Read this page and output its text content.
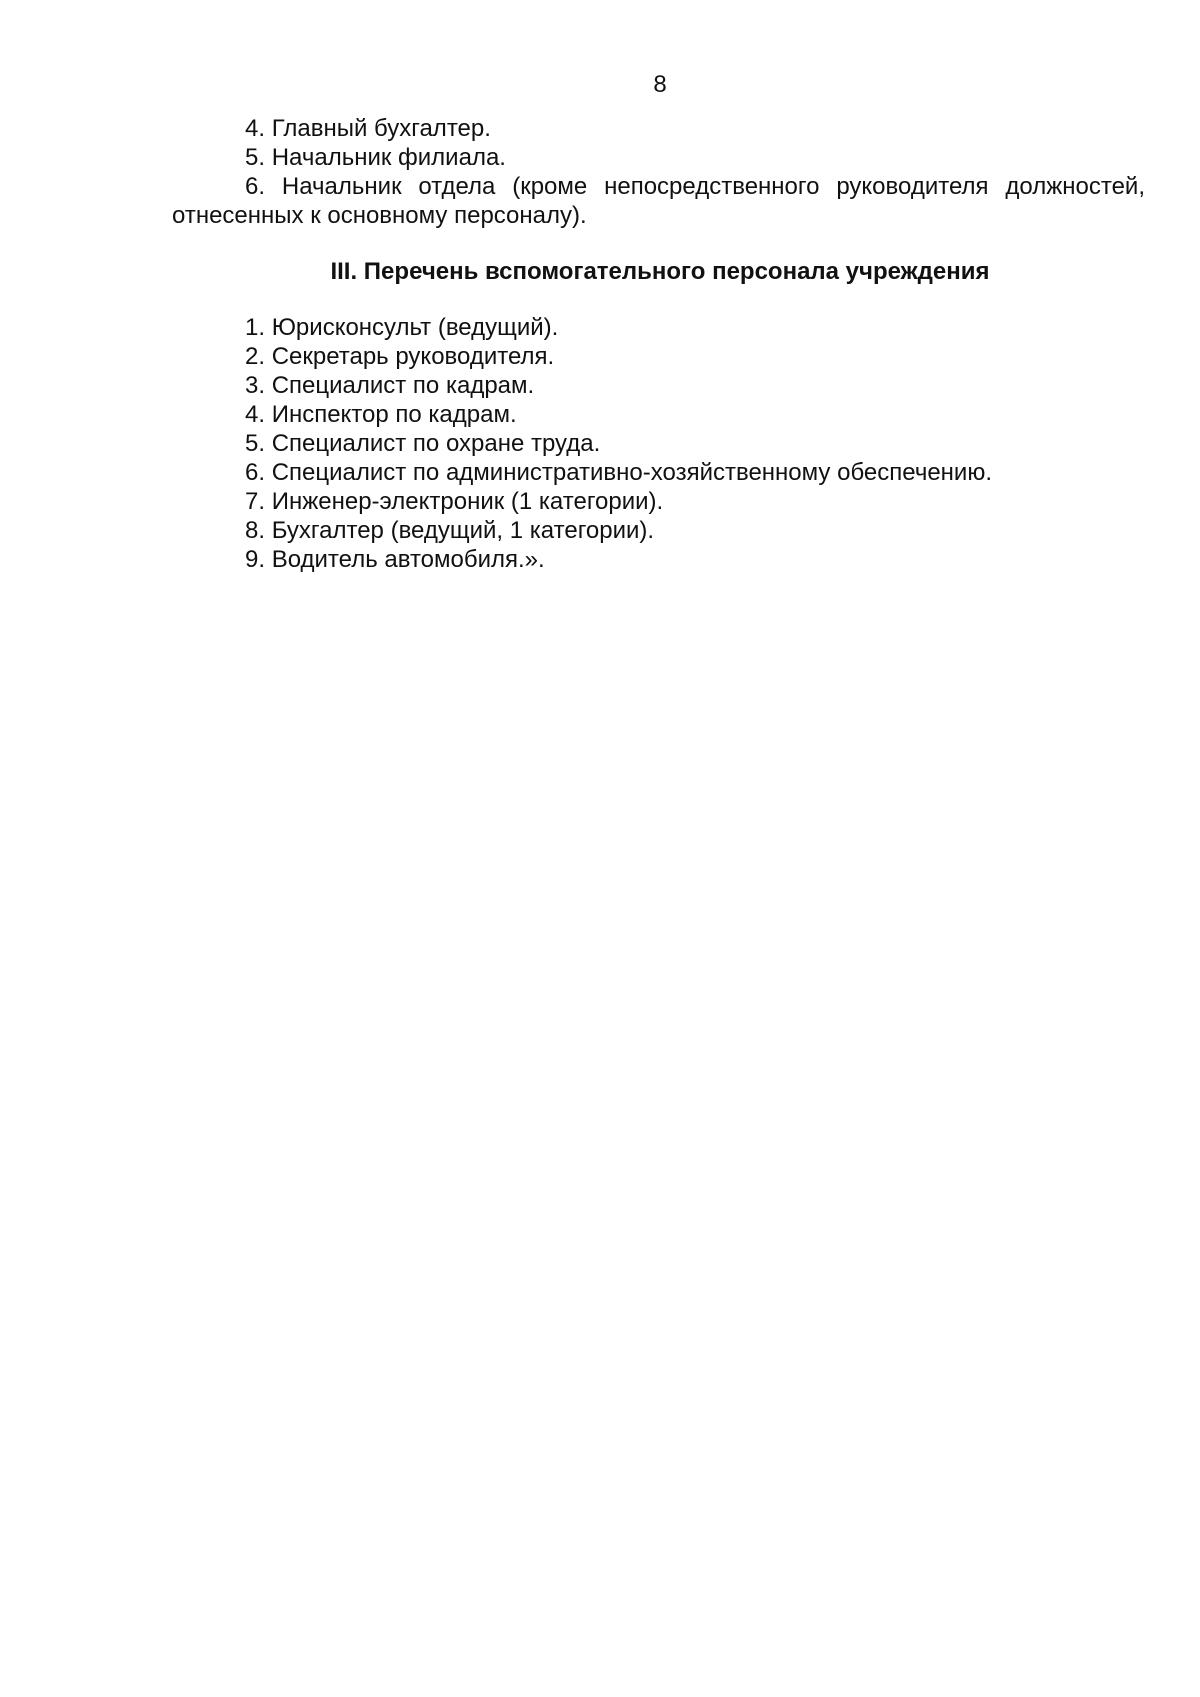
8
4. Главный бухгалтер.
5. Начальник филиала.
6. Начальник отдела (кроме непосредственного руководителя должностей, отнесенных к основному персоналу).
III. Перечень вспомогательного персонала учреждения
1. Юрисконсульт (ведущий).
2. Секретарь руководителя.
3. Специалист по кадрам.
4. Инспектор по кадрам.
5. Специалист по охране труда.
6. Специалист по административно-хозяйственному обеспечению.
7. Инженер-электроник (1 категории).
8. Бухгалтер (ведущий, 1 категории).
9. Водитель автомобиля.».
